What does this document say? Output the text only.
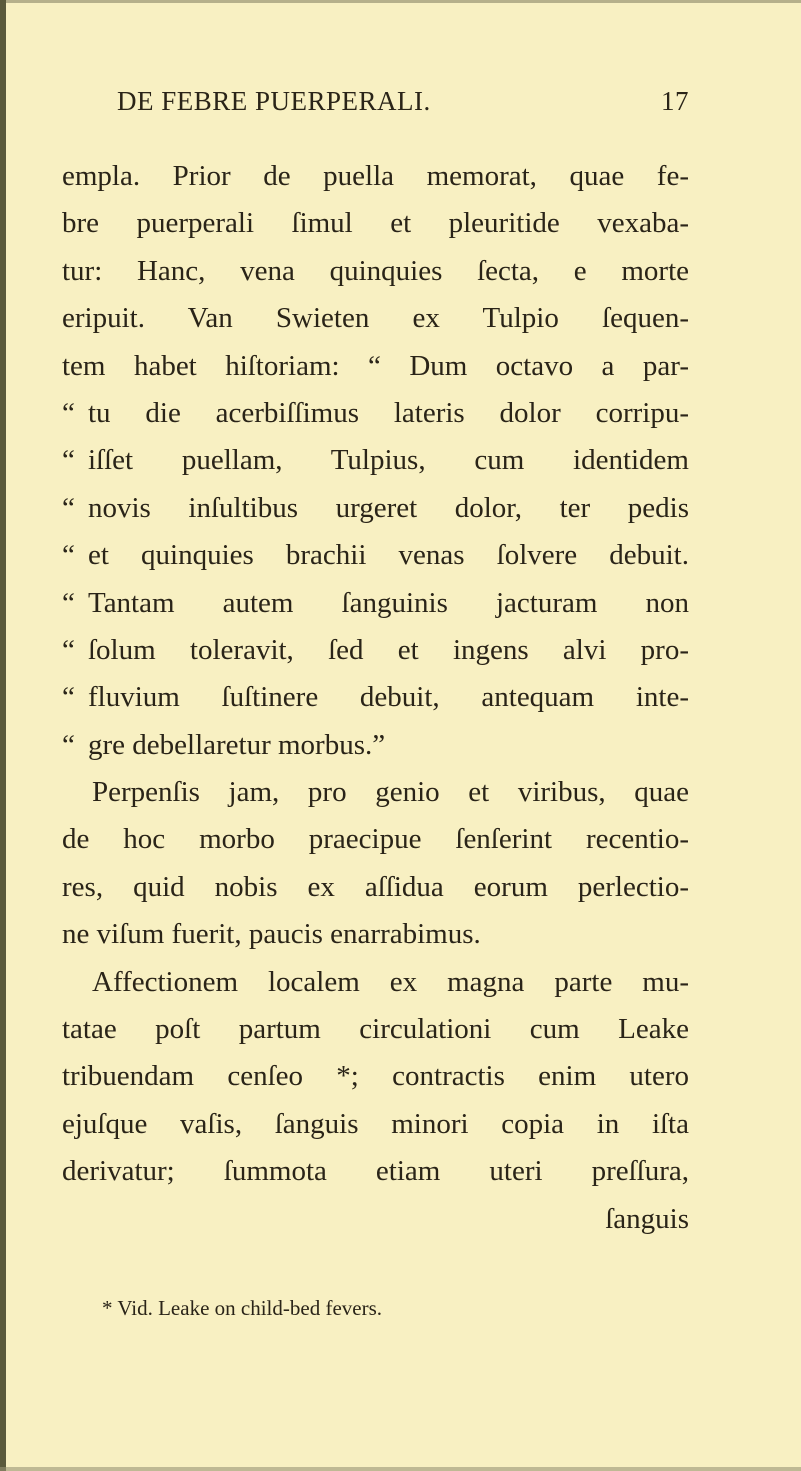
DE FEBRE PUERPERALI.	17
empla. Prior de puella memorat, quae fe-
bre puerperali ſimul et pleuritide vexaba-
tur: Hanc, vena quinquies ſecta, e morte
eripuit. Van Swieten ex Tulpio ſequen-
tem habet hiſtoriam: “ Dum octavo a par-
“ tu die acerbiſſimus lateris dolor corripu-
“ iſſet puellam, Tulpius, cum identidem
“ novis inſultibus urgeret dolor, ter pedis
“ et quinquies brachii venas ſolvere debuit.
“ Tantam autem ſanguinis jacturam non
“ ſolum toleravit, ſed et ingens alvi pro-
“ fluvium ſuſtinere debuit, antequam inte-
“ gre debellaretur morbus.”
Perpenſis jam, pro genio et viribus, quae
de hoc morbo praecipue ſenſerint recentio-
res, quid nobis ex aſſidua eorum perlectio-
ne viſum fuerit, paucis enarrabimus.
Affectionem localem ex magna parte mu-
tatae poſt partum circulationi cum Leake
tribuendam cenſeo *; contractis enim utero
ejuſque vaſis, ſanguis minori copia in iſta
derivatur; ſummota etiam uteri preſſura,
ſanguis
* Vid. Leake on child-bed fevers.
